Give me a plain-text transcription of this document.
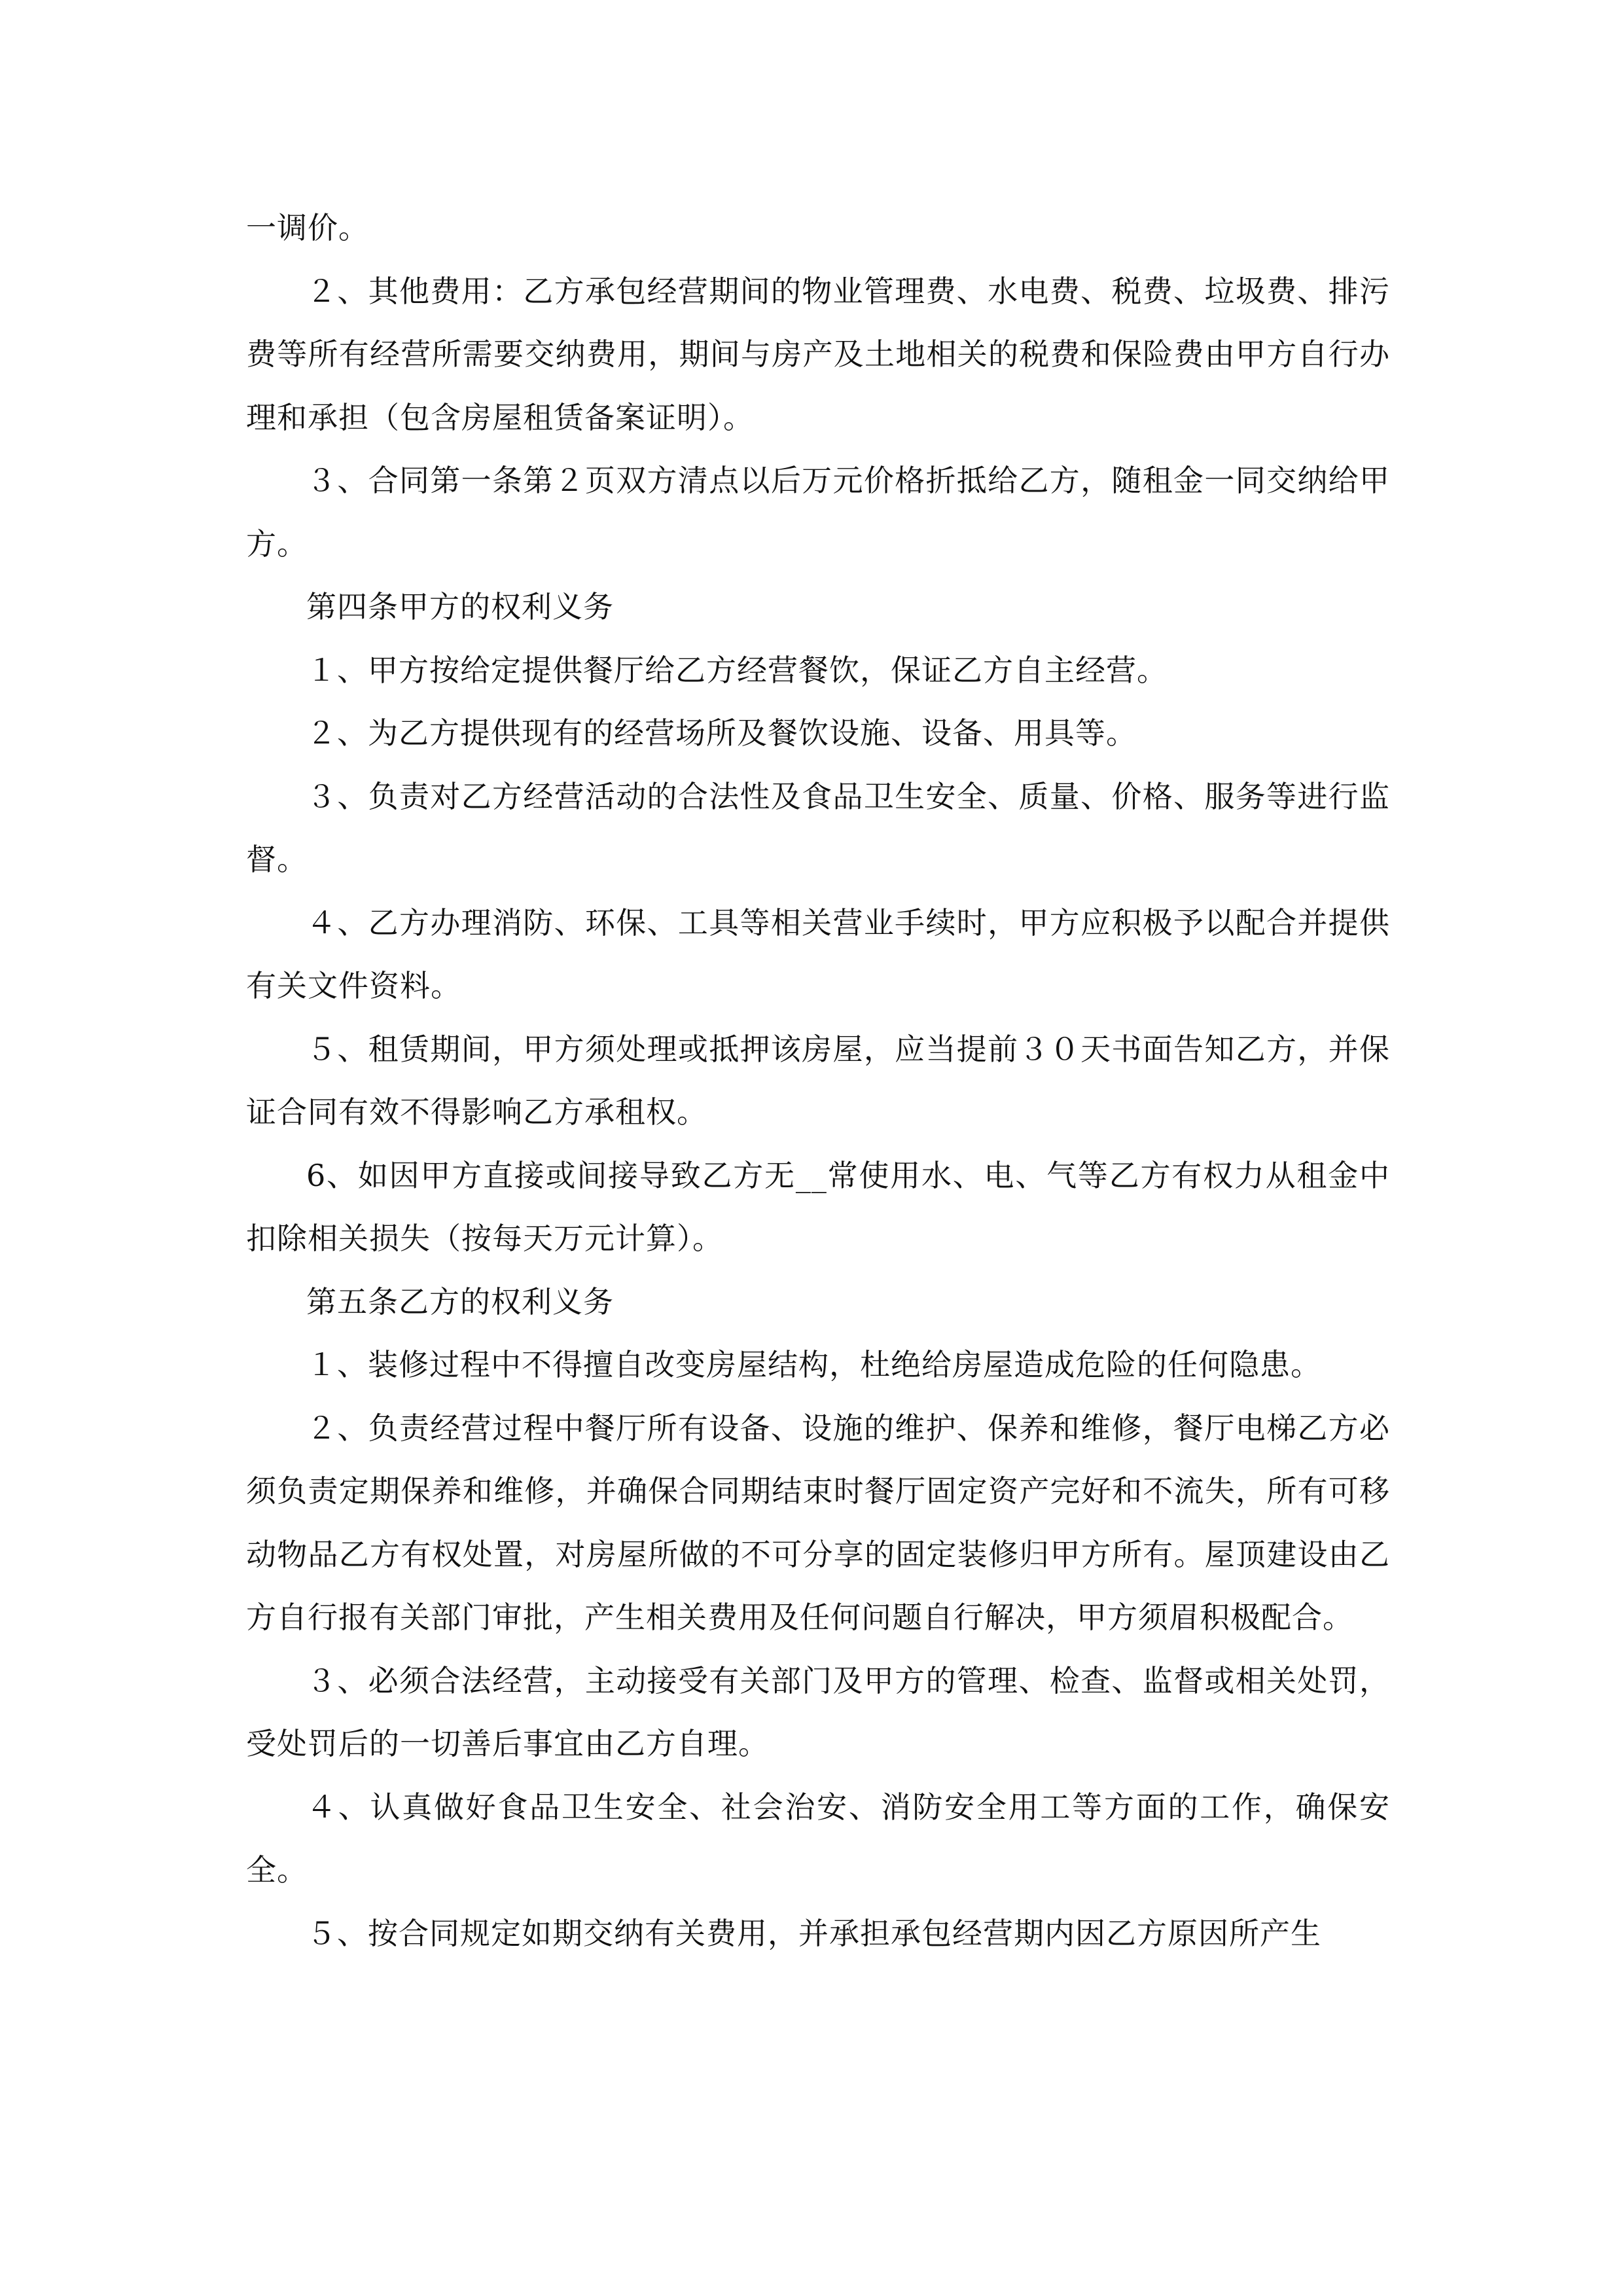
一调价。

２、其他费用：乙方承包经营期间的物业管理费、水电费、税费、垃圾费、排污费等所有经营所需要交纳费用，期间与房产及土地相关的税费和保险费由甲方自行办理和承担（包含房屋租赁备案证明）。

３、合同第一条第２页双方清点以后万元价格折抵给乙方，随租金一同交纳给甲方。

第四条甲方的权利义务

１、甲方按给定提供餐厅给乙方经营餐饮，保证乙方自主经营。

２、为乙方提供现有的经营场所及餐饮设施、设备、用具等。

３、负责对乙方经营活动的合法性及食品卫生安全、质量、价格、服务等进行监督。

４、乙方办理消防、环保、工具等相关营业手续时，甲方应积极予以配合并提供有关文件资料。

５、租赁期间，甲方须处理或抵押该房屋，应当提前３０天书面告知乙方，并保证合同有效不得影响乙方承租权。

6、如因甲方直接或间接导致乙方无__常使用水、电、气等乙方有权力从租金中扣除相关损失（按每天万元计算）。

第五条乙方的权利义务

１、装修过程中不得擅自改变房屋结构，杜绝给房屋造成危险的任何隐患。

２、负责经营过程中餐厅所有设备、设施的维护、保养和维修，餐厅电梯乙方必须负责定期保养和维修，并确保合同期结束时餐厅固定资产完好和不流失，所有可移动物品乙方有权处置，对房屋所做的不可分享的固定装修归甲方所有。屋顶建设由乙方自行报有关部门审批，产生相关费用及任何问题自行解决，甲方须眉积极配合。

３、必须合法经营，主动接受有关部门及甲方的管理、检查、监督或相关处罚，受处罚后的一切善后事宜由乙方自理。

４、认真做好食品卫生安全、社会治安、消防安全用工等方面的工作，确保安全。

５、按合同规定如期交纳有关费用，并承担承包经营期内因乙方原因所产生
